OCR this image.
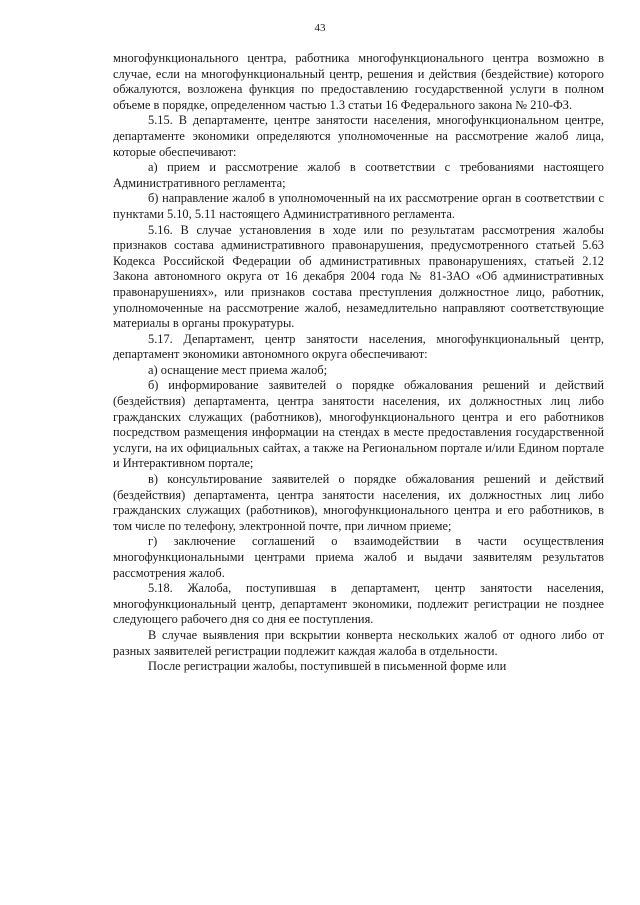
43

многофункционального центра, работника многофункционального центра возможно в случае, если на многофункциональный центр, решения и действия (бездействие) которого обжалуются, возложена функция по предоставлению государственной услуги в полном объеме в порядке, определенном частью 1.3 статьи 16 Федерального закона № 210-ФЗ.

5.15. В департаменте, центре занятости населения, многофункциональном центре, департаменте экономики определяются уполномоченные на рассмотрение жалоб лица, которые обеспечивают:

а) прием и рассмотрение жалоб в соответствии с требованиями настоящего Административного регламента;

б) направление жалоб в уполномоченный на их рассмотрение орган в соответствии с пунктами 5.10, 5.11 настоящего Административного регламента.

5.16. В случае установления в ходе или по результатам рассмотрения жалобы признаков состава административного правонарушения, предусмотренного статьей 5.63 Кодекса Российской Федерации об административных правонарушениях, статьей 2.12 Закона автономного округа от 16 декабря 2004 года № 81-ЗАО «Об административных правонарушениях», или признаков состава преступления должностное лицо, работник, уполномоченные на рассмотрение жалоб, незамедлительно направляют соответствующие материалы в органы прокуратуры.

5.17. Департамент, центр занятости населения, многофункциональный центр, департамент экономики автономного округа обеспечивают:

а) оснащение мест приема жалоб;

б) информирование заявителей о порядке обжалования решений и действий (бездействия) департамента, центра занятости населения, их должностных лиц либо гражданских служащих (работников), многофункционального центра и его работников посредством размещения информации на стендах в месте предоставления государственной услуги, на их официальных сайтах, а также на Региональном портале и/или Едином портале и Интерактивном портале;

в) консультирование заявителей о порядке обжалования решений и действий (бездействия) департамента, центра занятости населения, их должностных лиц либо гражданских служащих (работников), многофункционального центра и его работников, в том числе по телефону, электронной почте, при личном приеме;

г) заключение соглашений о взаимодействии в части осуществления многофункциональными центрами приема жалоб и выдачи заявителям результатов рассмотрения жалоб.

5.18. Жалоба, поступившая в департамент, центр занятости населения, многофункциональный центр, департамент экономики, подлежит регистрации не позднее следующего рабочего дня со дня ее поступления.

В случае выявления при вскрытии конверта нескольких жалоб от одного либо от разных заявителей регистрации подлежит каждая жалоба в отдельности.

После регистрации жалобы, поступившей в письменной форме или
